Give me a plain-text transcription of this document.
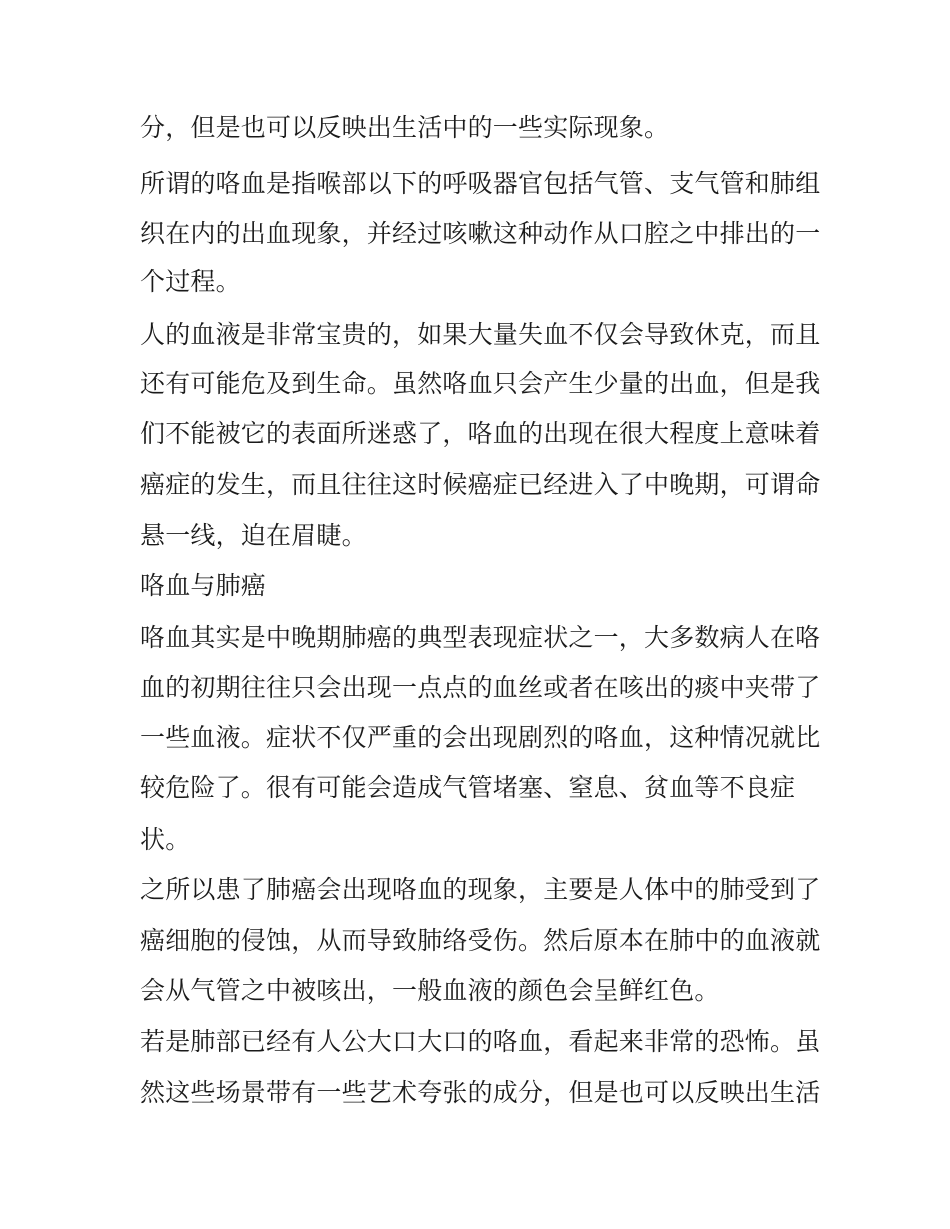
分，但是也可以反映出生活中的一些实际现象。
所谓的咯血是指喉部以下的呼吸器官包括气管、支气管和肺组
织在内的出血现象，并经过咳嗽这种动作从口腔之中排出的一
个过程。
人的血液是非常宝贵的，如果大量失血不仅会导致休克，而且
还有可能危及到生命。虽然咯血只会产生少量的出血，但是我
们不能被它的表面所迷惑了，咯血的出现在很大程度上意味着
癌症的发生，而且往往这时候癌症已经进入了中晚期，可谓命
悬一线，迫在眉睫。
咯血与肺癌
咯血其实是中晚期肺癌的典型表现症状之一，大多数病人在咯
血的初期往往只会出现一点点的血丝或者在咳出的痰中夹带了
一些血液。症状不仅严重的会出现剧烈的咯血，这种情况就比
较危险了。很有可能会造成气管堵塞、窒息、贫血等不良症
状。
之所以患了肺癌会出现咯血的现象，主要是人体中的肺受到了
癌细胞的侵蚀，从而导致肺络受伤。然后原本在肺中的血液就
会从气管之中被咳出，一般血液的颜色会呈鲜红色。
若是肺部已经有人公大口大口的咯血，看起来非常的恐怖。虽
然这些场景带有一些艺术夸张的成分，但是也可以反映出生活
